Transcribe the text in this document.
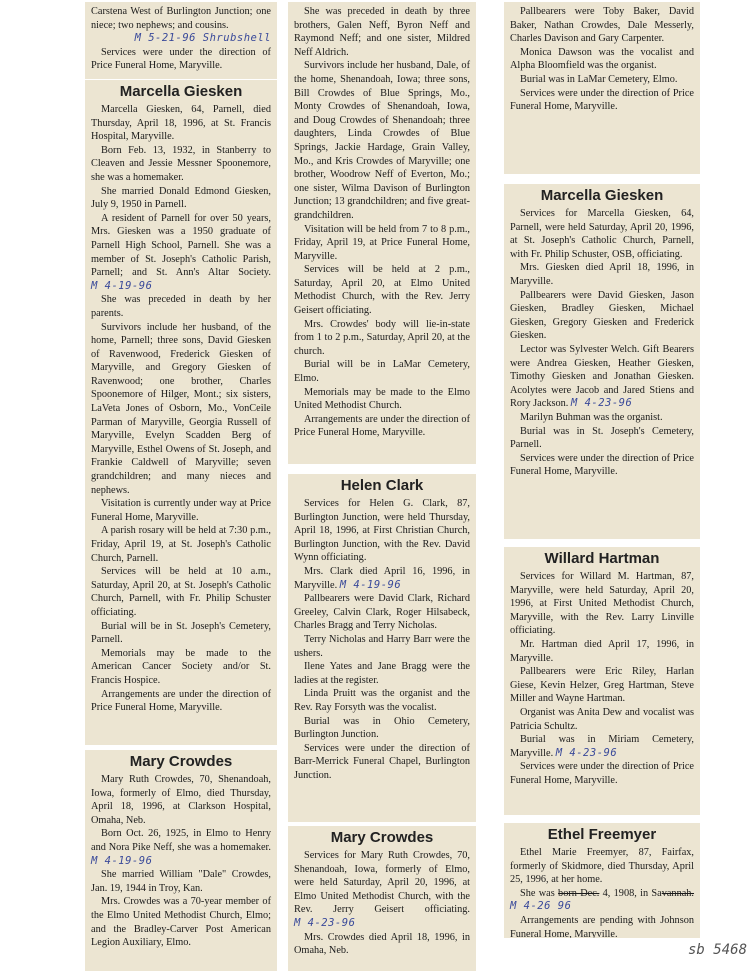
Carstena West of Burlington Junction; one niece; two nephews; and cousins.

M 5-21-96 Shrubshell

Services were under the direction of Price Funeral Home, Maryville.

Marcella Giesken

Marcella Giesken, 64, Parnell, died Thursday, April 18, 1996, at St. Francis Hospital, Maryville.

Born Feb. 13, 1932, in Stanberry to Cleaven and Jessie Messner Spoonemore, she was a homemaker.

She married Donald Edmond Giesken, July 9, 1950 in Parnell.

A resident of Parnell for over 50 years, Mrs. Giesken was a 1950 graduate of Parnell High School, Parnell. She was a member of St. Joseph's Catholic Parish, Parnell; and St. Ann's Altar Society. M 4-19-96

She was preceded in death by her parents.

Survivors include her husband, of the home, Parnell; three sons, David Giesken of Ravenwood, Frederick Giesken of Maryville, and Gregory Giesken of Ravenwood; one brother, Charles Spoonemore of Hilger, Mont.; six sisters, LaVeta Jones of Osborn, Mo., VonCeile Parman of Maryville, Georgia Russell of Maryville, Evelyn Scadden Berg of Maryville, Esthel Owens of St. Joseph, and Frankie Caldwell of Maryville; seven grandchildren; and many nieces and nephews.

Visitation is currently under way at Price Funeral Home, Maryville.

A parish rosary will be held at 7:30 p.m., Friday, April 19, at St. Joseph's Catholic Church, Parnell.

Services will be held at 10 a.m., Saturday, April 20, at St. Joseph's Catholic Church, Parnell, with Fr. Philip Schuster officiating.

Burial will be in St. Joseph's Cemetery, Parnell.

Memorials may be made to the American Cancer Society and/or St. Francis Hospice.

Arrangements are under the direction of Price Funeral Home, Maryville.

Mary Crowdes

Mary Ruth Crowdes, 70, Shenandoah, Iowa, formerly of Elmo, died Thursday, April 18, 1996, at Clarkson Hospital, Omaha, Neb.

Born Oct. 26, 1925, in Elmo to Henry and Nora Pike Neff, she was a homemaker. M 4-19-96

She married William "Dale" Crowdes, Jan. 19, 1944 in Troy, Kan.

Mrs. Crowdes was a 70-year member of the Elmo United Methodist Church, Elmo; and the Bradley-Carver Post American Legion Auxiliary, Elmo.

She was preceded in death by three brothers, Galen Neff, Byron Neff and Raymond Neff; and one sister, Mildred Neff Aldrich.

Survivors include her husband, Dale, of the home, Shenandoah, Iowa; three sons, Bill Crowdes of Blue Springs, Mo., Monty Crowdes of Shenandoah, Iowa, and Doug Crowdes of Shenandoah; three daughters, Linda Crowdes of Blue Springs, Jackie Hardage, Grain Valley, Mo., and Kris Crowdes of Maryville; one brother, Woodrow Neff of Everton, Mo.; one sister, Wilma Davison of Burlington Junction; 13 grandchildren; and five great-grandchildren.

Visitation will be held from 7 to 8 p.m., Friday, April 19, at Price Funeral Home, Maryville.

Services will be held at 2 p.m., Saturday, April 20, at Elmo United Methodist Church, with the Rev. Jerry Geisert officiating.

Mrs. Crowdes' body will lie-in-state from 1 to 2 p.m., Saturday, April 20, at the church.

Burial will be in LaMar Cemetery, Elmo.

Memorials may be made to the Elmo United Methodist Church.

Arrangements are under the direction of Price Funeral Home, Maryville.

Helen Clark

Services for Helen G. Clark, 87, Burlington Junction, were held Thursday, April 18, 1996, at First Christian Church, Burlington Junction, with the Rev. David Wynn officiating.

Mrs. Clark died April 16, 1996, in Maryville. M 4-19-96

Pallbearers were David Clark, Richard Greeley, Calvin Clark, Roger Hilsabeck, Charles Bragg and Terry Nicholas.

Terry Nicholas and Harry Barr were the ushers.

Ilene Yates and Jane Bragg were the ladies at the register.

Linda Pruitt was the organist and the Rev. Ray Forsyth was the vocalist.

Burial was in Ohio Cemetery, Burlington Junction.

Services were under the direction of Barr-Merrick Funeral Chapel, Burlington Junction.

Mary Crowdes

Services for Mary Ruth Crowdes, 70, Shenandoah, Iowa, formerly of Elmo, were held Saturday, April 20, 1996, at Elmo United Methodist Church, with the Rev. Jerry Geisert officiating. M 4-23-96

Mrs. Crowdes died April 18, 1996, in Omaha, Neb.

Pallbearers were Toby Baker, David Baker, Nathan Crowdes, Dale Messerly, Charles Davison and Gary Carpenter.

Monica Dawson was the vocalist and Alpha Bloomfield was the organist.

Burial was in LaMar Cemetery, Elmo.

Services were under the direction of Price Funeral Home, Maryville.

Marcella Giesken

Services for Marcella Giesken, 64, Parnell, were held Saturday, April 20, 1996, at St. Joseph's Catholic Church, Parnell, with Fr. Philip Schuster, OSB, officiating.

Mrs. Giesken died April 18, 1996, in Maryville.

Pallbearers were David Giesken, Jason Giesken, Bradley Giesken, Michael Giesken, Gregory Giesken and Frederick Giesken.

Lector was Sylvester Welch. Gift Bearers were Andrea Giesken, Heather Giesken, Timothy Giesken and Jonathan Giesken. Acolytes were Jacob and Jared Stiens and Rory Jackson. M 4-23-96

Marilyn Buhman was the organist.

Burial was in St. Joseph's Cemetery, Parnell.

Services were under the direction of Price Funeral Home, Maryville.

Willard Hartman

Services for Willard M. Hartman, 87, Maryville, were held Saturday, April 20, 1996, at First United Methodist Church, Maryville, with the Rev. Larry Linville officiating.

Mr. Hartman died April 17, 1996, in Maryville.

Pallbearers were Eric Riley, Harlan Giese, Kevin Helzer, Greg Hartman, Steve Miller and Wayne Hartman.

Organist was Anita Dew and vocalist was Patricia Schultz.

Burial was in Miriam Cemetery, Maryville. M 4-23-96

Services were under the direction of Price Funeral Home, Maryville.

Ethel Freemyer

Ethel Marie Freemyer, 87, Fairfax, formerly of Skidmore, died Thursday, April 25, 1996, at her home.

She was born Dec. 4, 1908, in Savannah. M 4-26 96

Arrangements are pending with Johnson Funeral Home, Maryville.

sb 5468
